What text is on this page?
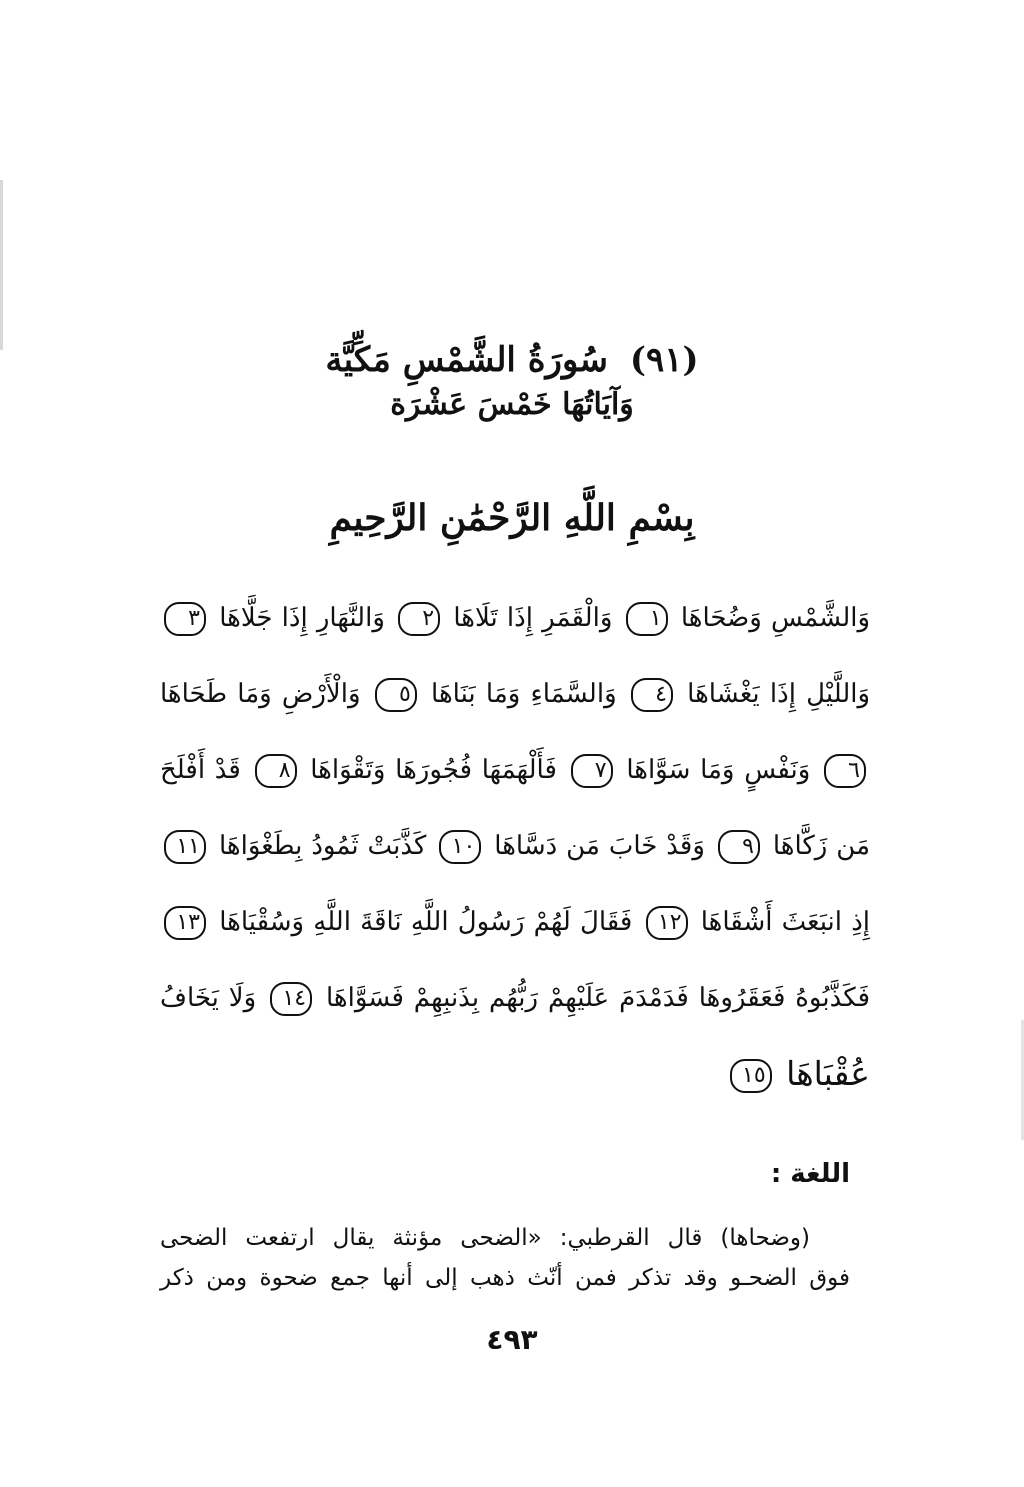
(٩١) سُورَةُ الشَّمْسِ مَكِّيَّة
وَآيَاتُهَا خَمْسَ عَشْرَة
بِسْمِ اللَّهِ الرَّحْمَٰنِ الرَّحِيمِ
وَالشَّمْسِ وَضُحَاهَا ١ وَالْقَمَرِ إِذَا تَلَاهَا ٢ وَالنَّهَارِ إِذَا جَلَّاهَا ٣
وَاللَّيْلِ إِذَا يَغْشَاهَا ٤ وَالسَّمَاءِ وَمَا بَنَاهَا ٥ وَالْأَرْضِ وَمَا طَحَاهَا
٦ وَنَفْسٍ وَمَا سَوَّاهَا ٧ فَأَلْهَمَهَا فُجُورَهَا وَتَقْوَاهَا ٨ قَدْ أَفْلَحَ
مَن زَكَّاهَا ٩ وَقَدْ خَابَ مَن دَسَّاهَا ١٠ كَذَّبَتْ ثَمُودُ بِطَغْوَاهَا ١١
إِذِ انبَعَثَ أَشْقَاهَا ١٢ فَقَالَ لَهُمْ رَسُولُ اللَّهِ نَاقَةَ اللَّهِ وَسُقْيَاهَا ١٣
فَكَذَّبُوهُ فَعَقَرُوهَا فَدَمْدَمَ عَلَيْهِمْ رَبُّهُم بِذَنبِهِمْ فَسَوَّاهَا ١٤ وَلَا يَخَافُ
عُقْبَاهَا ١٥
اللغة :
(وضحاها) قال القرطبي: «الضحى مؤنثة يقال ارتفعت الضحى
فوق الضحـو وقد تذكر فمن أنّث ذهب إلى أنها جمع ضحوة ومن ذكر
٤٩٣
